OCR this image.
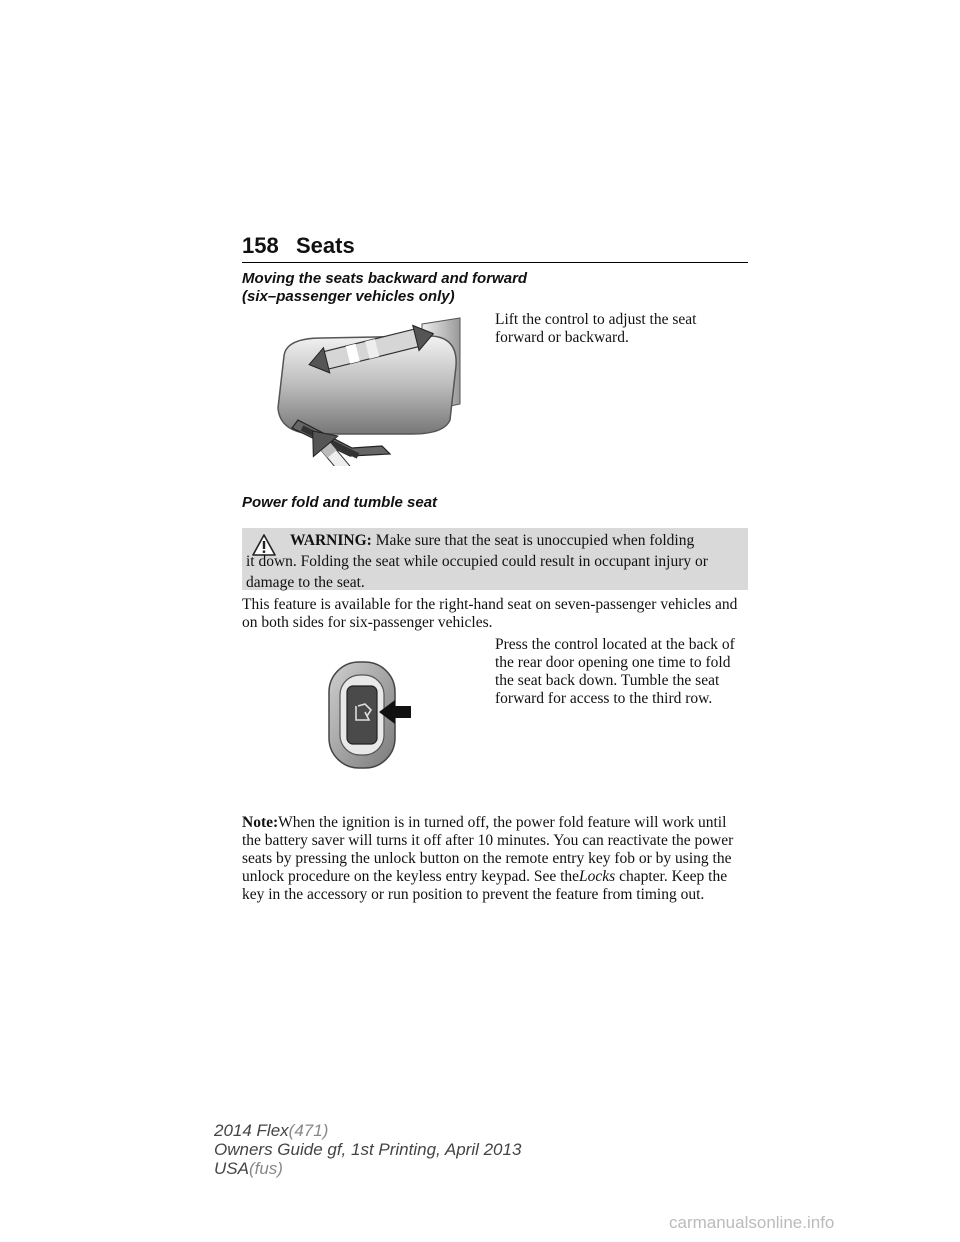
158 Seats
Moving the seats backward and forward
(six–passenger vehicles only)
Lift the control to adjust the seat forward or backward.
Power fold and tumble seat
WARNING: Make sure that the seat is unoccupied when folding
it down. Folding the seat while occupied could result in occupant injury or damage to the seat.
This feature is available for the right-hand seat on seven-passenger vehicles and on both sides for six-passenger vehicles.
Press the control located at the back of the rear door opening one time to fold the seat back down. Tumble the seat forward for access to the third row.
Note:When the ignition is in turned off, the power fold feature will work until the battery saver will turns it off after 10 minutes. You can reactivate the power seats by pressing the unlock button on the remote entry key fob or by using the unlock procedure on the keyless entry keypad. See theLocks chapter. Keep the key in the accessory or run position to prevent the feature from timing out.
2014 Flex(471)
Owners Guide gf, 1st Printing, April 2013
USA(fus)
carmanualsonline.info
